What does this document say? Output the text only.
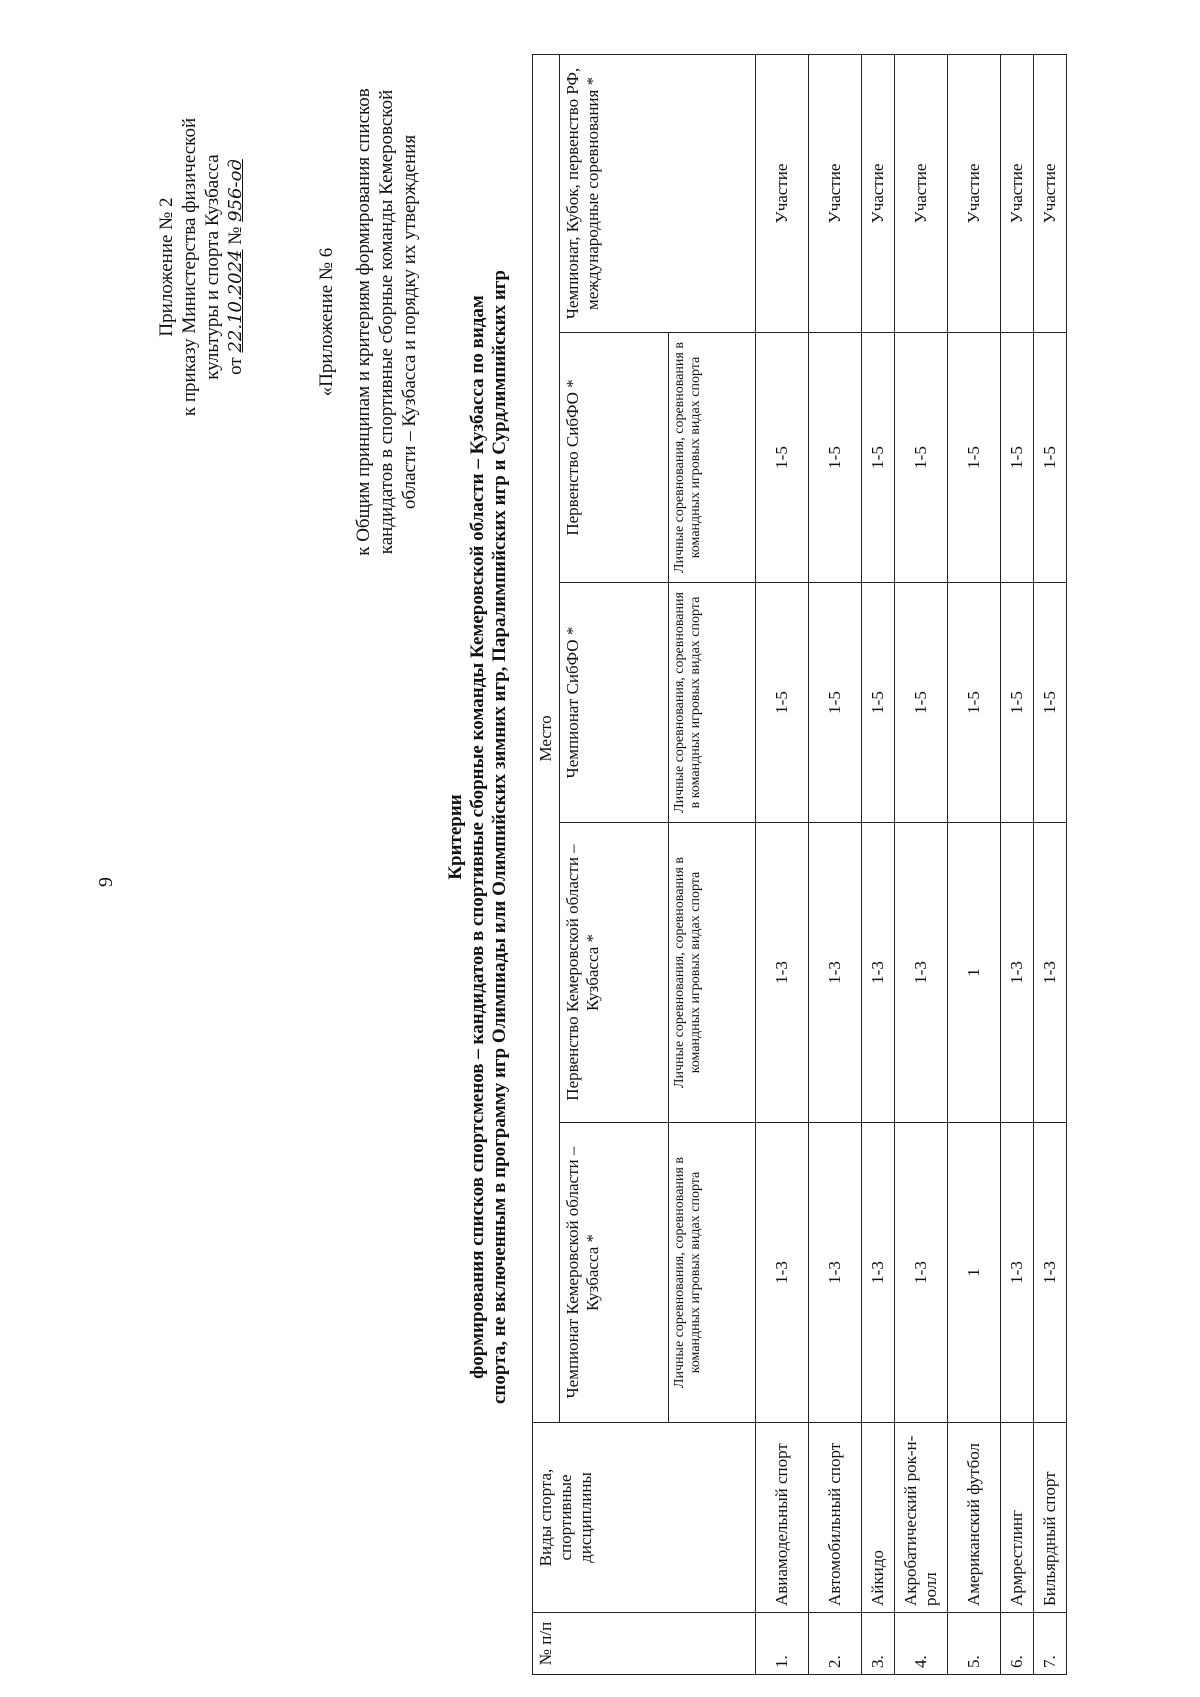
9
Приложение № 2 к приказу Министерства физической культуры и спорта Кузбасса от 22.10.2024 № 956-од
«Приложение № 6 к Общим принципам и критериям формирования списков кандидатов в спортивные сборные команды Кемеровской области – Кузбасса и порядку их утверждения
Критерии формирования списков спортсменов – кандидатов в спортивные сборные команды Кемеровской области – Кузбасса по видам спорта, не включенным в программу игр Олимпиады или Олимпийских зимних игр, Паралимпийских игр и Сурдлимпийских игр
№ п/п	Виды спорта, спортивные дисциплины	Место				
		Чемпионат Кемеровской области – Кузбасса *	Первенство Кемеровской области – Кузбасса *	Чемпионат СибФО *	Первенство СибФО *	Чемпионат, Кубок, первенство РФ, международные соревнования *
		Личные соревнования, соревнования в командных игровых видах спорта	Личные соревнования, соревнования в командных игровых видах спорта	Личные соревнования, соревнования в командных игровых видах спорта	Личные соревнования, соревнования в командных игровых видах спорта	
1.	Авиамодельный спорт	1-3	1-3	1-5	1-5	Участие
2.	Автомобильный спорт	1-3	1-3	1-5	1-5	Участие
3.	Айкидо	1-3	1-3	1-5	1-5	Участие
4.	Акробатический рок-н-ролл	1-3	1-3	1-5	1-5	Участие
5.	Американский футбол	1	1	1-5	1-5	Участие
6.	Армрестлинг	1-3	1-3	1-5	1-5	Участие
7.	Бильярдный спорт	1-3	1-3	1-5	1-5	Участие
